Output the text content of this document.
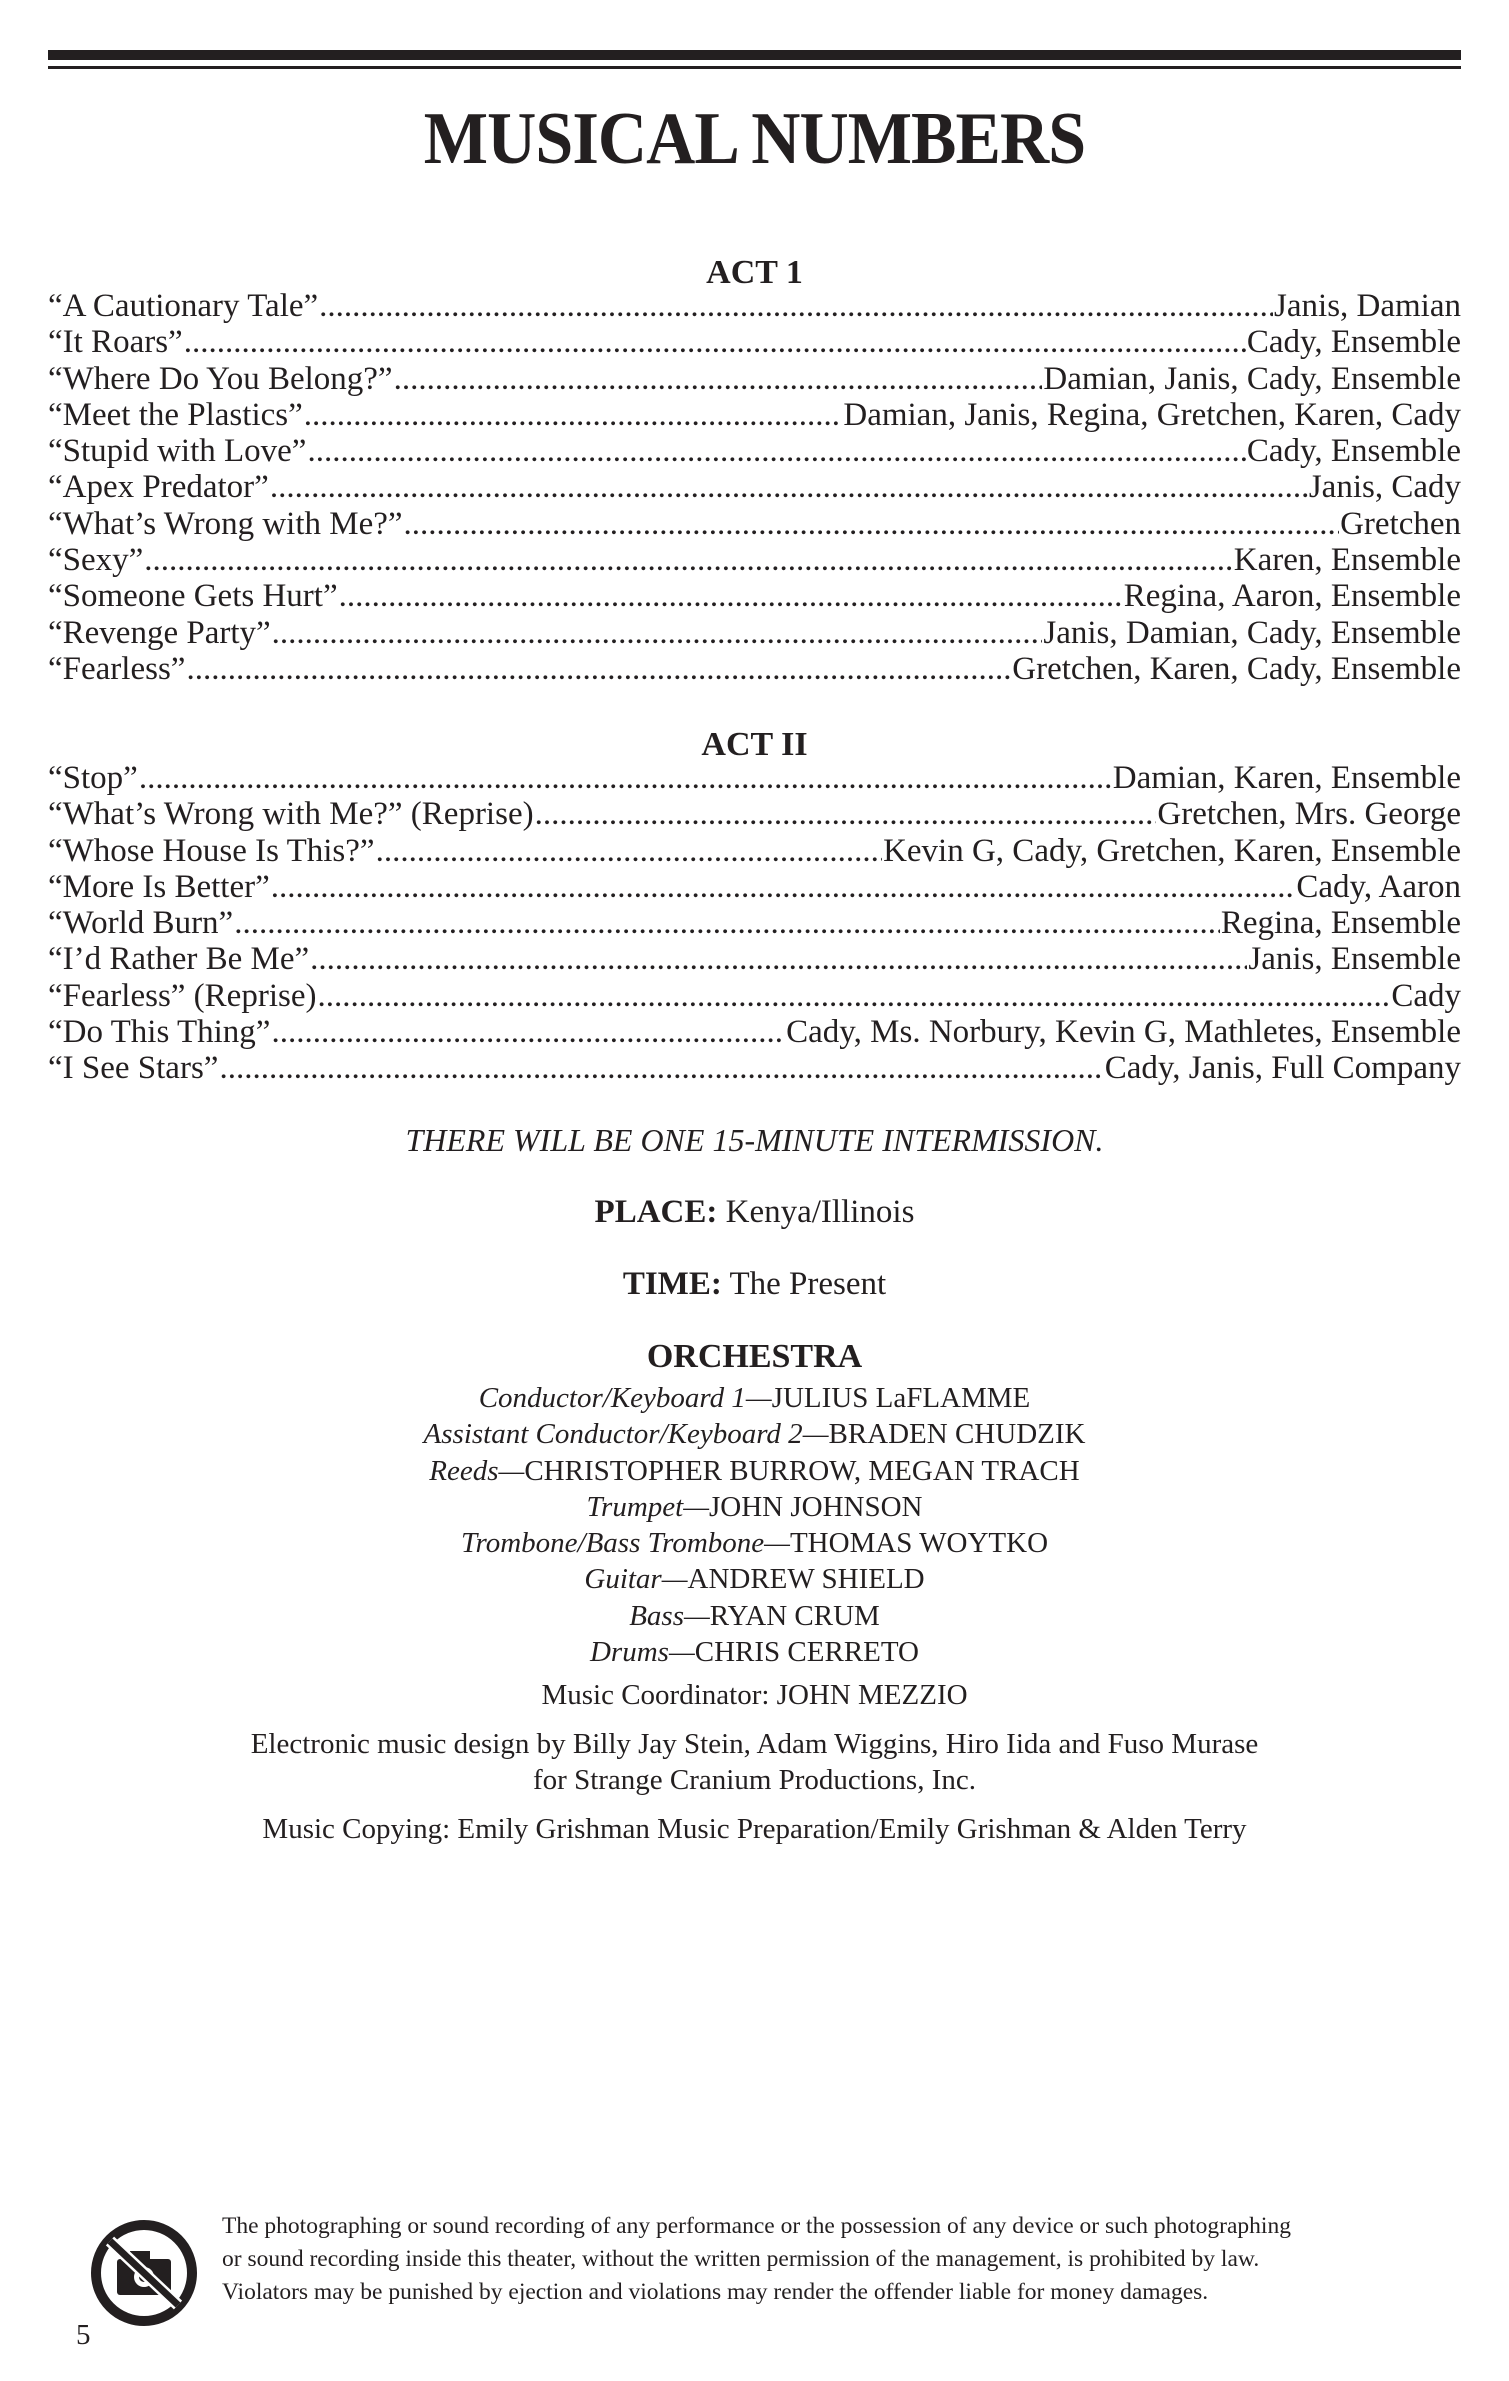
MUSICAL NUMBERS
ACT 1
“A Cautionary Tale” .....	Janis, Damian
“It Roars” .....	Cady, Ensemble
“Where Do You Belong?” .....	Damian, Janis, Cady, Ensemble
“Meet the Plastics” .....	Damian, Janis, Regina, Gretchen, Karen, Cady
“Stupid with Love” .....	Cady, Ensemble
“Apex Predator” .....	Janis, Cady
“What’s Wrong with Me?” .....	Gretchen
“Sexy” .....	Karen, Ensemble
“Someone Gets Hurt” .....	Regina, Aaron, Ensemble
“Revenge Party” .....	Janis, Damian, Cady, Ensemble
“Fearless” .....	Gretchen, Karen, Cady, Ensemble
ACT II
“Stop” .....	Damian, Karen, Ensemble
“What’s Wrong with Me?” (Reprise) .....	Gretchen, Mrs. George
“Whose House Is This?” .....	Kevin G, Cady, Gretchen, Karen, Ensemble
“More Is Better” .....	Cady, Aaron
“World Burn” .....	Regina, Ensemble
“I’d Rather Be Me” .....	Janis, Ensemble
“Fearless” (Reprise) .....	Cady
“Do This Thing” .....	Cady, Ms. Norbury, Kevin G, Mathletes, Ensemble
“I See Stars” .....	Cady, Janis, Full Company
THERE WILL BE ONE 15-MINUTE INTERMISSION.
PLACE: Kenya/Illinois
TIME: The Present
ORCHESTRA
Conductor/Keyboard 1—JULIUS LaFLAMME
Assistant Conductor/Keyboard 2—BRADEN CHUDZIK
Reeds—CHRISTOPHER BURROW, MEGAN TRACH
Trumpet—JOHN JOHNSON
Trombone/Bass Trombone—THOMAS WOYTKO
Guitar—ANDREW SHIELD
Bass—RYAN CRUM
Drums—CHRIS CERRETO
Music Coordinator: JOHN MEZZIO
Electronic music design by Billy Jay Stein, Adam Wiggins, Hiro Iida and Fuso Murase
for Strange Cranium Productions, Inc.
Music Copying: Emily Grishman Music Preparation/Emily Grishman & Alden Terry
The photographing or sound recording of any performance or the possession of any device or such photographing
or sound recording inside this theater, without the written permission of the management, is prohibited by law.
Violators may be punished by ejection and violations may render the offender liable for money damages.
5
